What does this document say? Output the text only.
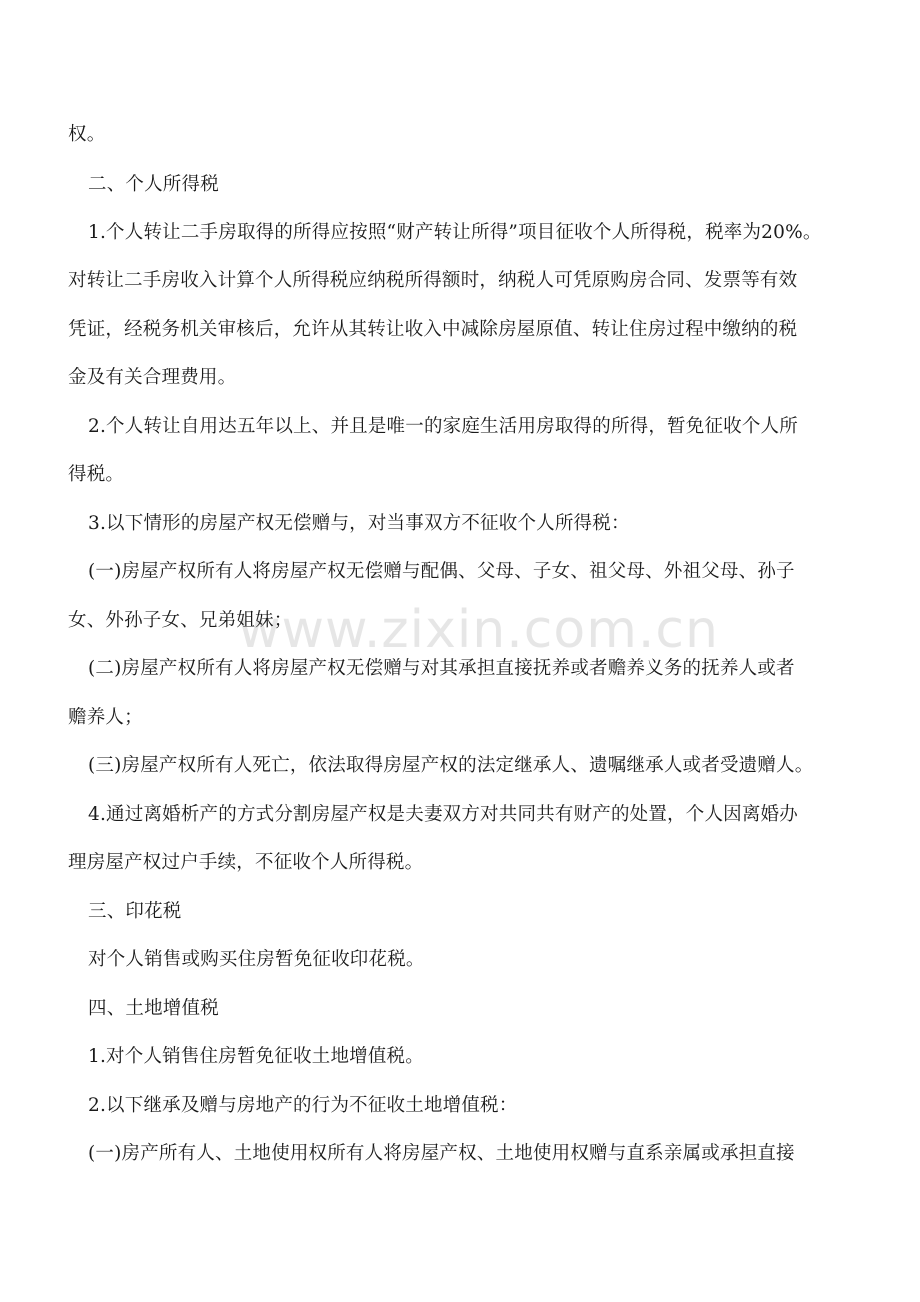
www.zixin.com.cn
权。
二、个人所得税
1.个人转让二手房取得的所得应按照“财产转让所得”项目征收个人所得税，税率为20%。
对转让二手房收入计算个人所得税应纳税所得额时，纳税人可凭原购房合同、发票等有效
凭证，经税务机关审核后，允许从其转让收入中减除房屋原值、转让住房过程中缴纳的税
金及有关合理费用。
2.个人转让自用达五年以上、并且是唯一的家庭生活用房取得的所得，暂免征收个人所
得税。
3.以下情形的房屋产权无偿赠与，对当事双方不征收个人所得税：
(一)房屋产权所有人将房屋产权无偿赠与配偶、父母、子女、祖父母、外祖父母、孙子
女、外孙子女、兄弟姐妹；
(二)房屋产权所有人将房屋产权无偿赠与对其承担直接抚养或者赡养义务的抚养人或者
赡养人；
(三)房屋产权所有人死亡，依法取得房屋产权的法定继承人、遗嘱继承人或者受遗赠人。
4.通过离婚析产的方式分割房屋产权是夫妻双方对共同共有财产的处置，个人因离婚办
理房屋产权过户手续，不征收个人所得税。
三、印花税
对个人销售或购买住房暂免征收印花税。
四、土地增值税
1.对个人销售住房暂免征收土地增值税。
2.以下继承及赠与房地产的行为不征收土地增值税：
(一)房产所有人、土地使用权所有人将房屋产权、土地使用权赠与直系亲属或承担直接
